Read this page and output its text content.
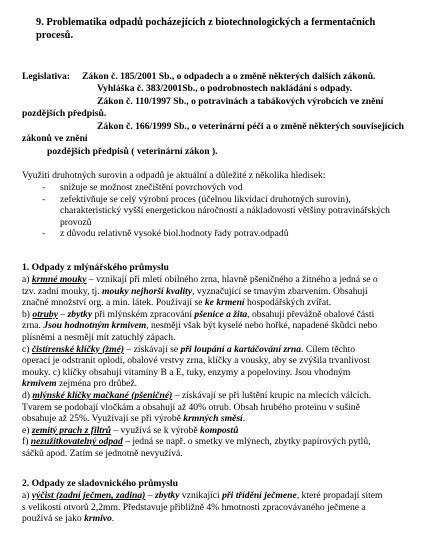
9. Problematika odpadů pocházejících z biotechnologických a fermentačních
procesů.
Legislativa: Zákon č. 185/2001 Sb., o odpadech a o změně některých dalších zákonů.
Vyhláška č. 383/2001Sb., o podrobnostech nakládání s odpady.
Zákon č. 110/1997 Sb., o potravinách a tabákových výrobcích ve znění
pozdějších předpisů.
Zákon č. 166/1999 Sb., o veterinární péči a o změně některých souvisejících
zákonů ve znění
pozdějších předpisů ( veterinární zákon ).
Využití druhotných surovin a odpadů je aktuální a důležité z několika hledisek:
- snižuje se možnost znečištění povrchových vod
- zefektivňuje se celý výrobní proces (účelnou likvidací druhotných surovin),
charakteristický vyšší energetickou náročností a nákladovostí většiny potravinářských
provozů
- z důvodu relativně vysoké biol.hodnoty řady potrav.odpadů
1. Odpady z mlýnářského průmyslu
a) krmné mouky – vznikají při mletí obilného zrna, hlavně pšeničného a žitného a jedná se o
tzv. zadní mouky, tj. mouky nejhorší kvality, vyznačující se tmavým zbarvením. Obsahují
značné množství org. a min. látek. Používají se ke krmení hospodářských zvířat.
b) otruby – zbytky při mlýnském zpracování pšenice a žita, obsahují převážně obalové části
zrna. Jsou hodnotným krmivem, nesmějí však být kyselé nebo hořké, napadené škůdci nebo
plísněmi a nesmějí mít zatuchlý zápach.
c) čistírenské klíčky (žmé) – získávají se při loupání a kartáčování zrna. Cílem těchto
operací je odstranit oplodí, obalové vrstvy zrna, klíčky a vousky, aby se zvýšila trvanlivost
mouky. c) klíčky obsahují vitamíny B a E, tuky, enzymy a popeloviny. Jsou vhodným
krmivem zejména pro drůbež.
d) mlýnské klíčky mačkané (pšeničné) – získávají se při luštění krupic na mlecích válcích.
Tvarem se podobají vločkám a obsahují až 40% otrub. Obsah hrubého proteinu v sušině
obsahuje až 25%. Využívají se při výrobě krmných směsí.
e) zemitý prach z filtrů – využívá se k výrobě kompostů
f) nezužitkovatelný odpad – jedná se např. o smetky ve mlýnech, zbytky papírových pytlů,
sáčků apod. Zatím se jednotně nevyužívá.
2. Odpady ze sladovnického průmyslu
a) výčist (zadní ječmen, zadina) – zbytky vznikající při třídění ječmene, které propadají sítem
s velikostí otvorů 2,2mm. Představuje přibližně 4% hmotnosti zpracovávaného ječmene a
používá se jako krmivo.
